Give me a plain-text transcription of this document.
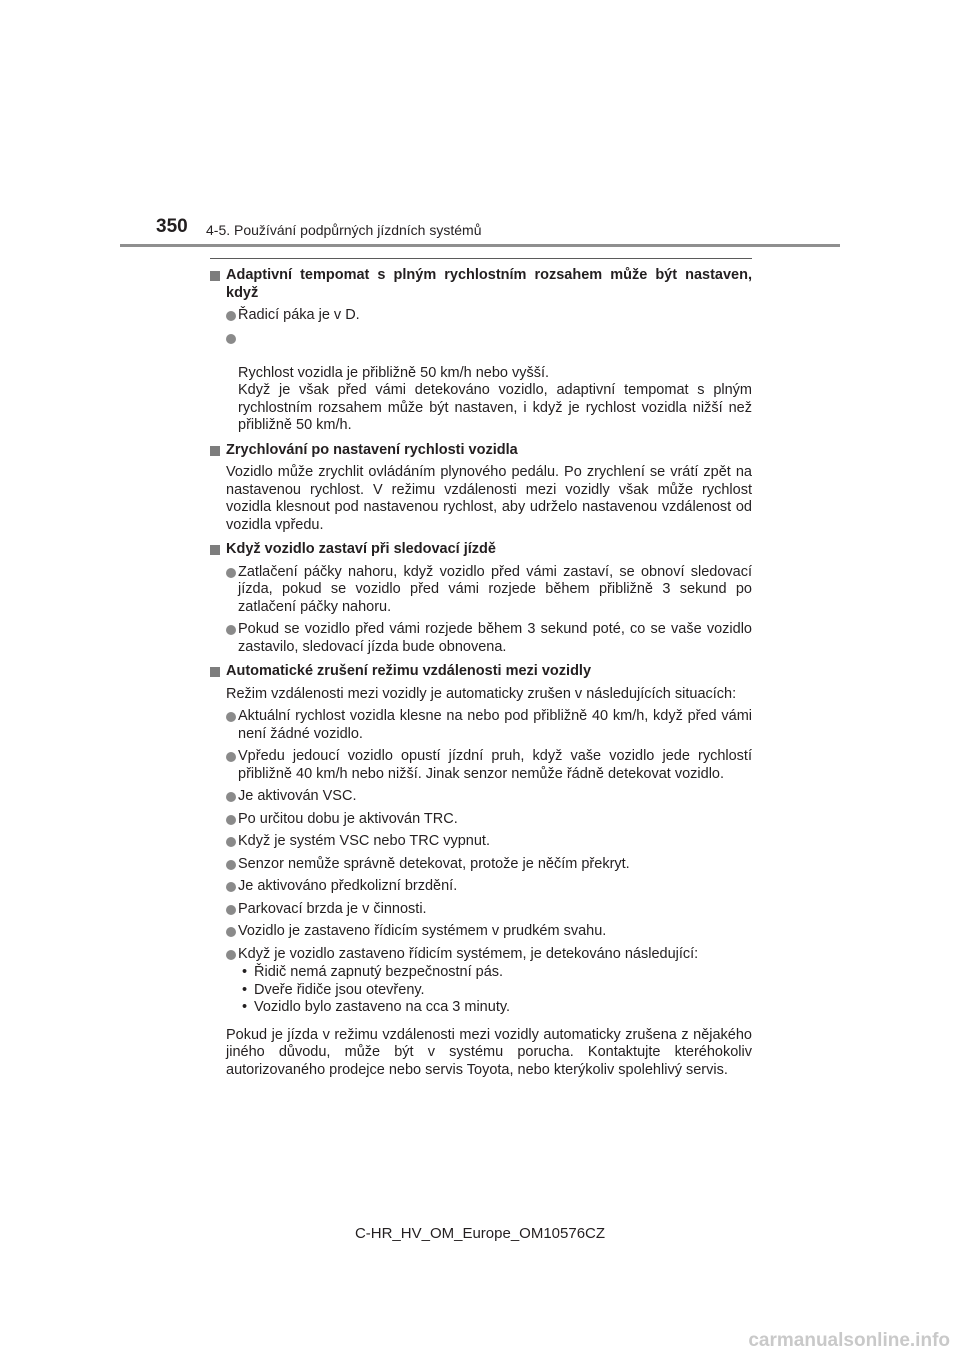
350 4-5. Používání podpůrných jízdních systémů
Adaptivní tempomat s plným rychlostním rozsahem může být nastaven, když
Řadicí páka je v D.

Rychlost vozidla je přibližně 50 km/h nebo vyšší.
Když je však před vámi detekováno vozidlo, adaptivní tempomat s plným rychlostním rozsahem může být nastaven, i když je rychlost vozidla nižší než přibližně 50 km/h.

Zrychlování po nastavení rychlosti vozidla
Vozidlo může zrychlit ovládáním plynového pedálu. Po zrychlení se vrátí zpět na nastavenou rychlost. V režimu vzdálenosti mezi vozidly však může rychlost vozidla klesnout pod nastavenou rychlost, aby udrželo nastavenou vzdálenost od vozidla vpředu.
Když vozidlo zastaví při sledovací jízdě
Zatlačení páčky nahoru, když vozidlo před vámi zastaví, se obnoví sledovací jízda, pokud se vozidlo před vámi rozjede během přibližně 3 sekund po zatlačení páčky nahoru.
Pokud se vozidlo před vámi rozjede během 3 sekund poté, co se vaše vozidlo zastavilo, sledovací jízda bude obnovena.
Automatické zrušení režimu vzdálenosti mezi vozidly
Režim vzdálenosti mezi vozidly je automaticky zrušen v následujících situacích:
Aktuální rychlost vozidla klesne na nebo pod přibližně 40 km/h, když před vámi není žádné vozidlo.
Vpředu jedoucí vozidlo opustí jízdní pruh, když vaše vozidlo jede rychlostí přibližně 40 km/h nebo nižší. Jinak senzor nemůže řádně detekovat vozidlo.
Je aktivován VSC.
Po určitou dobu je aktivován TRC.
Když je systém VSC nebo TRC vypnut.
Senzor nemůže správně detekovat, protože je něčím překryt.
Je aktivováno předkolizní brzdění.
Parkovací brzda je v činnosti.
Vozidlo je zastaveno řídicím systémem v prudkém svahu.
Když je vozidlo zastaveno řídicím systémem, je detekováno následující:
• Řidič nemá zapnutý bezpečnostní pás.
• Dveře řidiče jsou otevřeny.
• Vozidlo bylo zastaveno na cca 3 minuty.
Pokud je jízda v režimu vzdálenosti mezi vozidly automaticky zrušena z nějakého jiného důvodu, může být v systému porucha. Kontaktujte kteréhokoliv autorizovaného prodejce nebo servis Toyota, nebo kterýkoliv spolehlivý servis.
C-HR_HV_OM_Europe_OM10576CZ
carmanualsonline.info
